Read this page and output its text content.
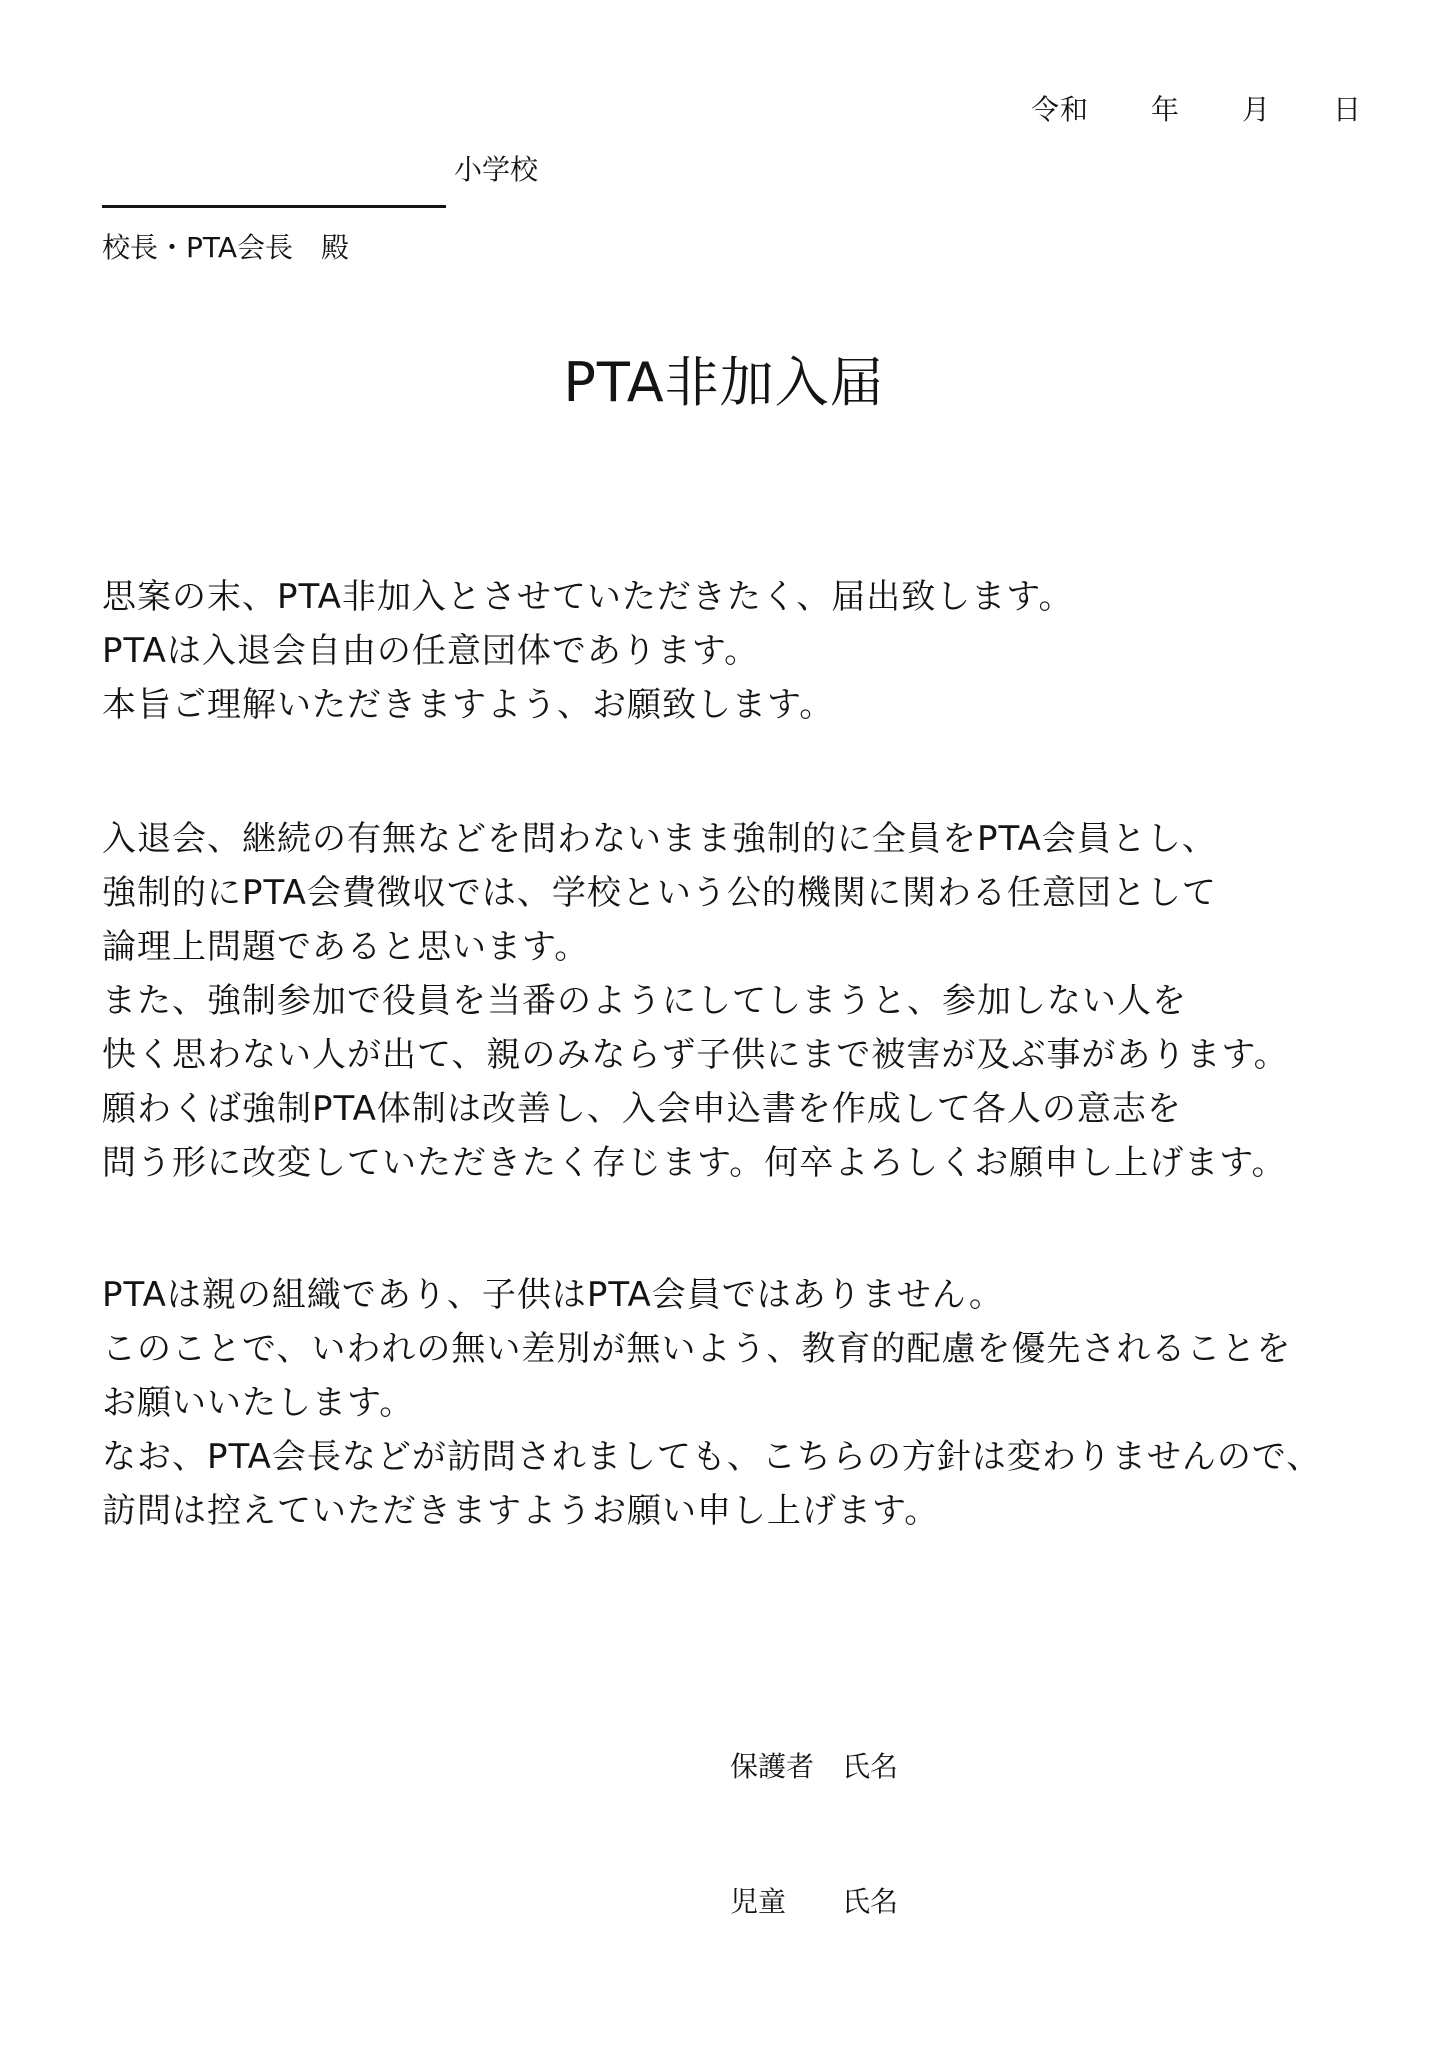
令和 年 月 日
小学校
校長・PTA会長　殿
PTA非加入届
思案の末、PTA非加入とさせていただきたく、届出致します。
PTAは入退会自由の任意団体であります。
本旨ご理解いただきますよう、お願致します。
入退会、継続の有無などを問わないまま強制的に全員をPTA会員とし、
強制的にPTA会費徴収では、学校という公的機関に関わる任意団として
論理上問題であると思います。
また、強制参加で役員を当番のようにしてしまうと、参加しない人を
快く思わない人が出て、親のみならず子供にまで被害が及ぶ事があります。
願わくば強制PTA体制は改善し、入会申込書を作成して各人の意志を
問う形に改変していただきたく存じます。何卒よろしくお願申し上げます。
PTAは親の組織であり、子供はPTA会員ではありません。
このことで、いわれの無い差別が無いよう、教育的配慮を優先されることを
お願いいたします。
なお、PTA会長などが訪問されましても、こちらの方針は変わりませんので、
訪問は控えていただきますようお願い申し上げます。
保護者　氏名
児童　　氏名
